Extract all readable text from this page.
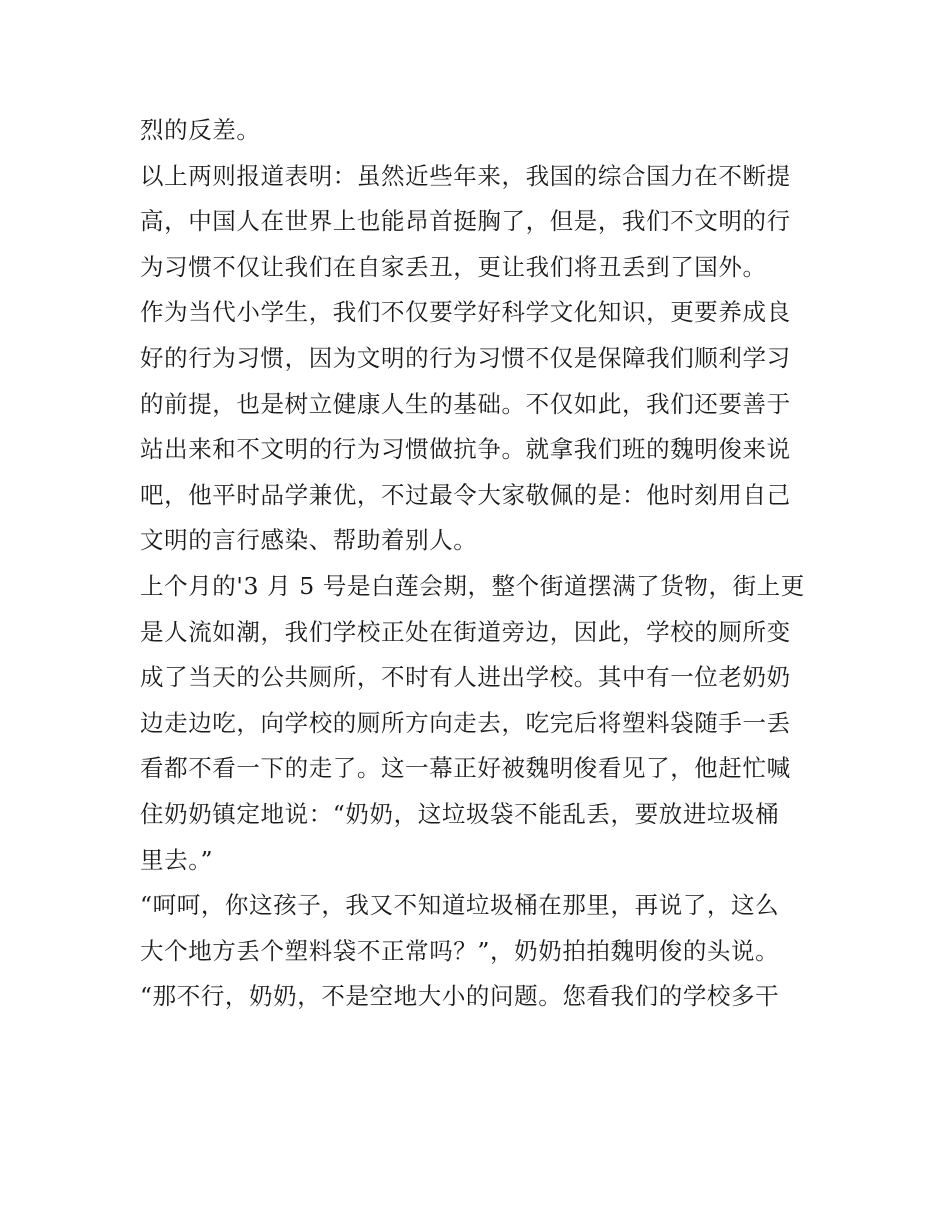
烈的反差。
以上两则报道表明：虽然近些年来，我国的综合国力在不断提
高，中国人在世界上也能昂首挺胸了，但是，我们不文明的行
为习惯不仅让我们在自家丢丑，更让我们将丑丢到了国外。
作为当代小学生，我们不仅要学好科学文化知识，更要养成良
好的行为习惯，因为文明的行为习惯不仅是保障我们顺利学习
的前提，也是树立健康人生的基础。不仅如此，我们还要善于
站出来和不文明的行为习惯做抗争。就拿我们班的魏明俊来说
吧，他平时品学兼优，不过最令大家敬佩的是：他时刻用自己
文明的言行感染、帮助着别人。
上个月的'3 月 5 号是白莲会期，整个街道摆满了货物，街上更
是人流如潮，我们学校正处在街道旁边，因此，学校的厕所变
成了当天的公共厕所，不时有人进出学校。其中有一位老奶奶
边走边吃，向学校的厕所方向走去，吃完后将塑料袋随手一丢
看都不看一下的走了。这一幕正好被魏明俊看见了，他赶忙喊
住奶奶镇定地说：“奶奶，这垃圾袋不能乱丢，要放进垃圾桶
里去。”
“呵呵，你这孩子，我又不知道垃圾桶在那里，再说了，这么
大个地方丢个塑料袋不正常吗？”，奶奶拍拍魏明俊的头说。
“那不行，奶奶，不是空地大小的问题。您看我们的学校多干
